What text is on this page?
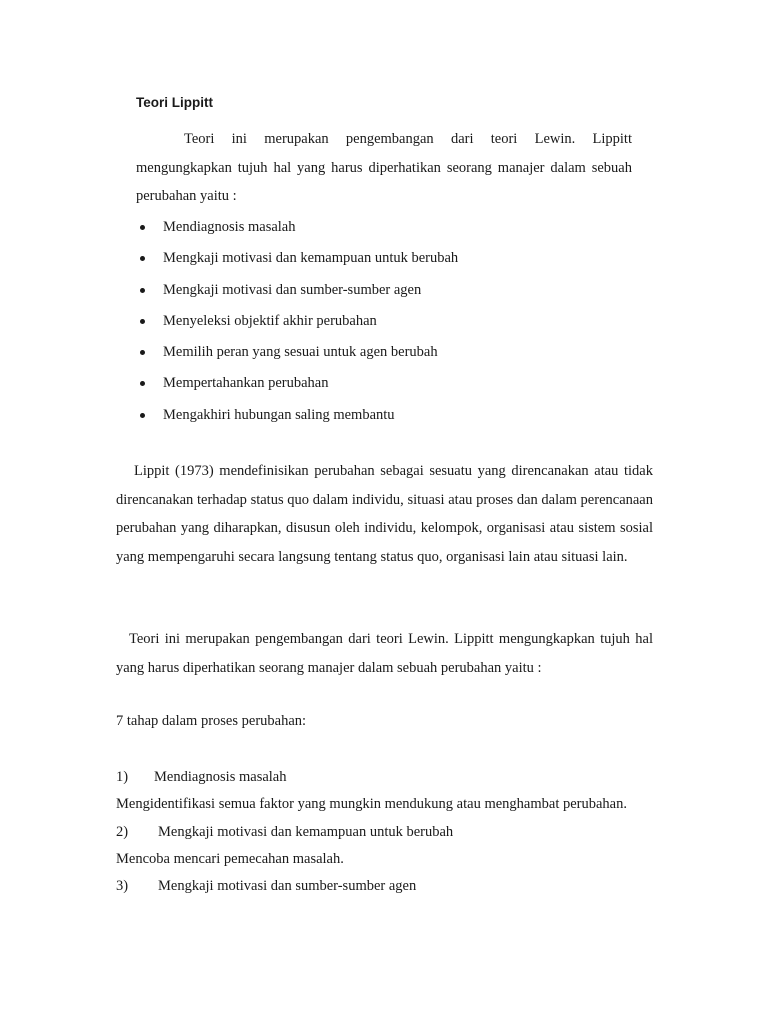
Teori Lippitt
Teori ini merupakan pengembangan dari teori Lewin. Lippitt mengungkapkan tujuh hal yang harus diperhatikan seorang manajer dalam sebuah perubahan yaitu :
Mendiagnosis masalah
Mengkaji motivasi dan kemampuan untuk berubah
Mengkaji motivasi dan sumber-sumber agen
Menyeleksi objektif akhir perubahan
Memilih peran yang sesuai untuk agen berubah
Mempertahankan perubahan
Mengakhiri hubungan saling membantu
Lippit (1973) mendefinisikan perubahan sebagai sesuatu yang direncanakan atau tidak direncanakan terhadap status quo dalam individu, situasi atau proses dan dalam perencanaan perubahan yang diharapkan, disusun oleh individu, kelompok, organisasi atau sistem sosial yang mempengaruhi secara langsung tentang status quo, organisasi lain atau situasi lain.
Teori ini merupakan pengembangan dari teori Lewin. Lippitt mengungkapkan tujuh hal yang harus diperhatikan seorang manajer dalam sebuah perubahan yaitu :
7 tahap dalam proses perubahan:
1) Mendiagnosis masalah
Mengidentifikasi semua faktor yang mungkin mendukung atau menghambat perubahan.
2) Mengkaji motivasi dan kemampuan untuk berubah
Mencoba mencari pemecahan masalah.
3) Mengkaji motivasi dan sumber-sumber agen
